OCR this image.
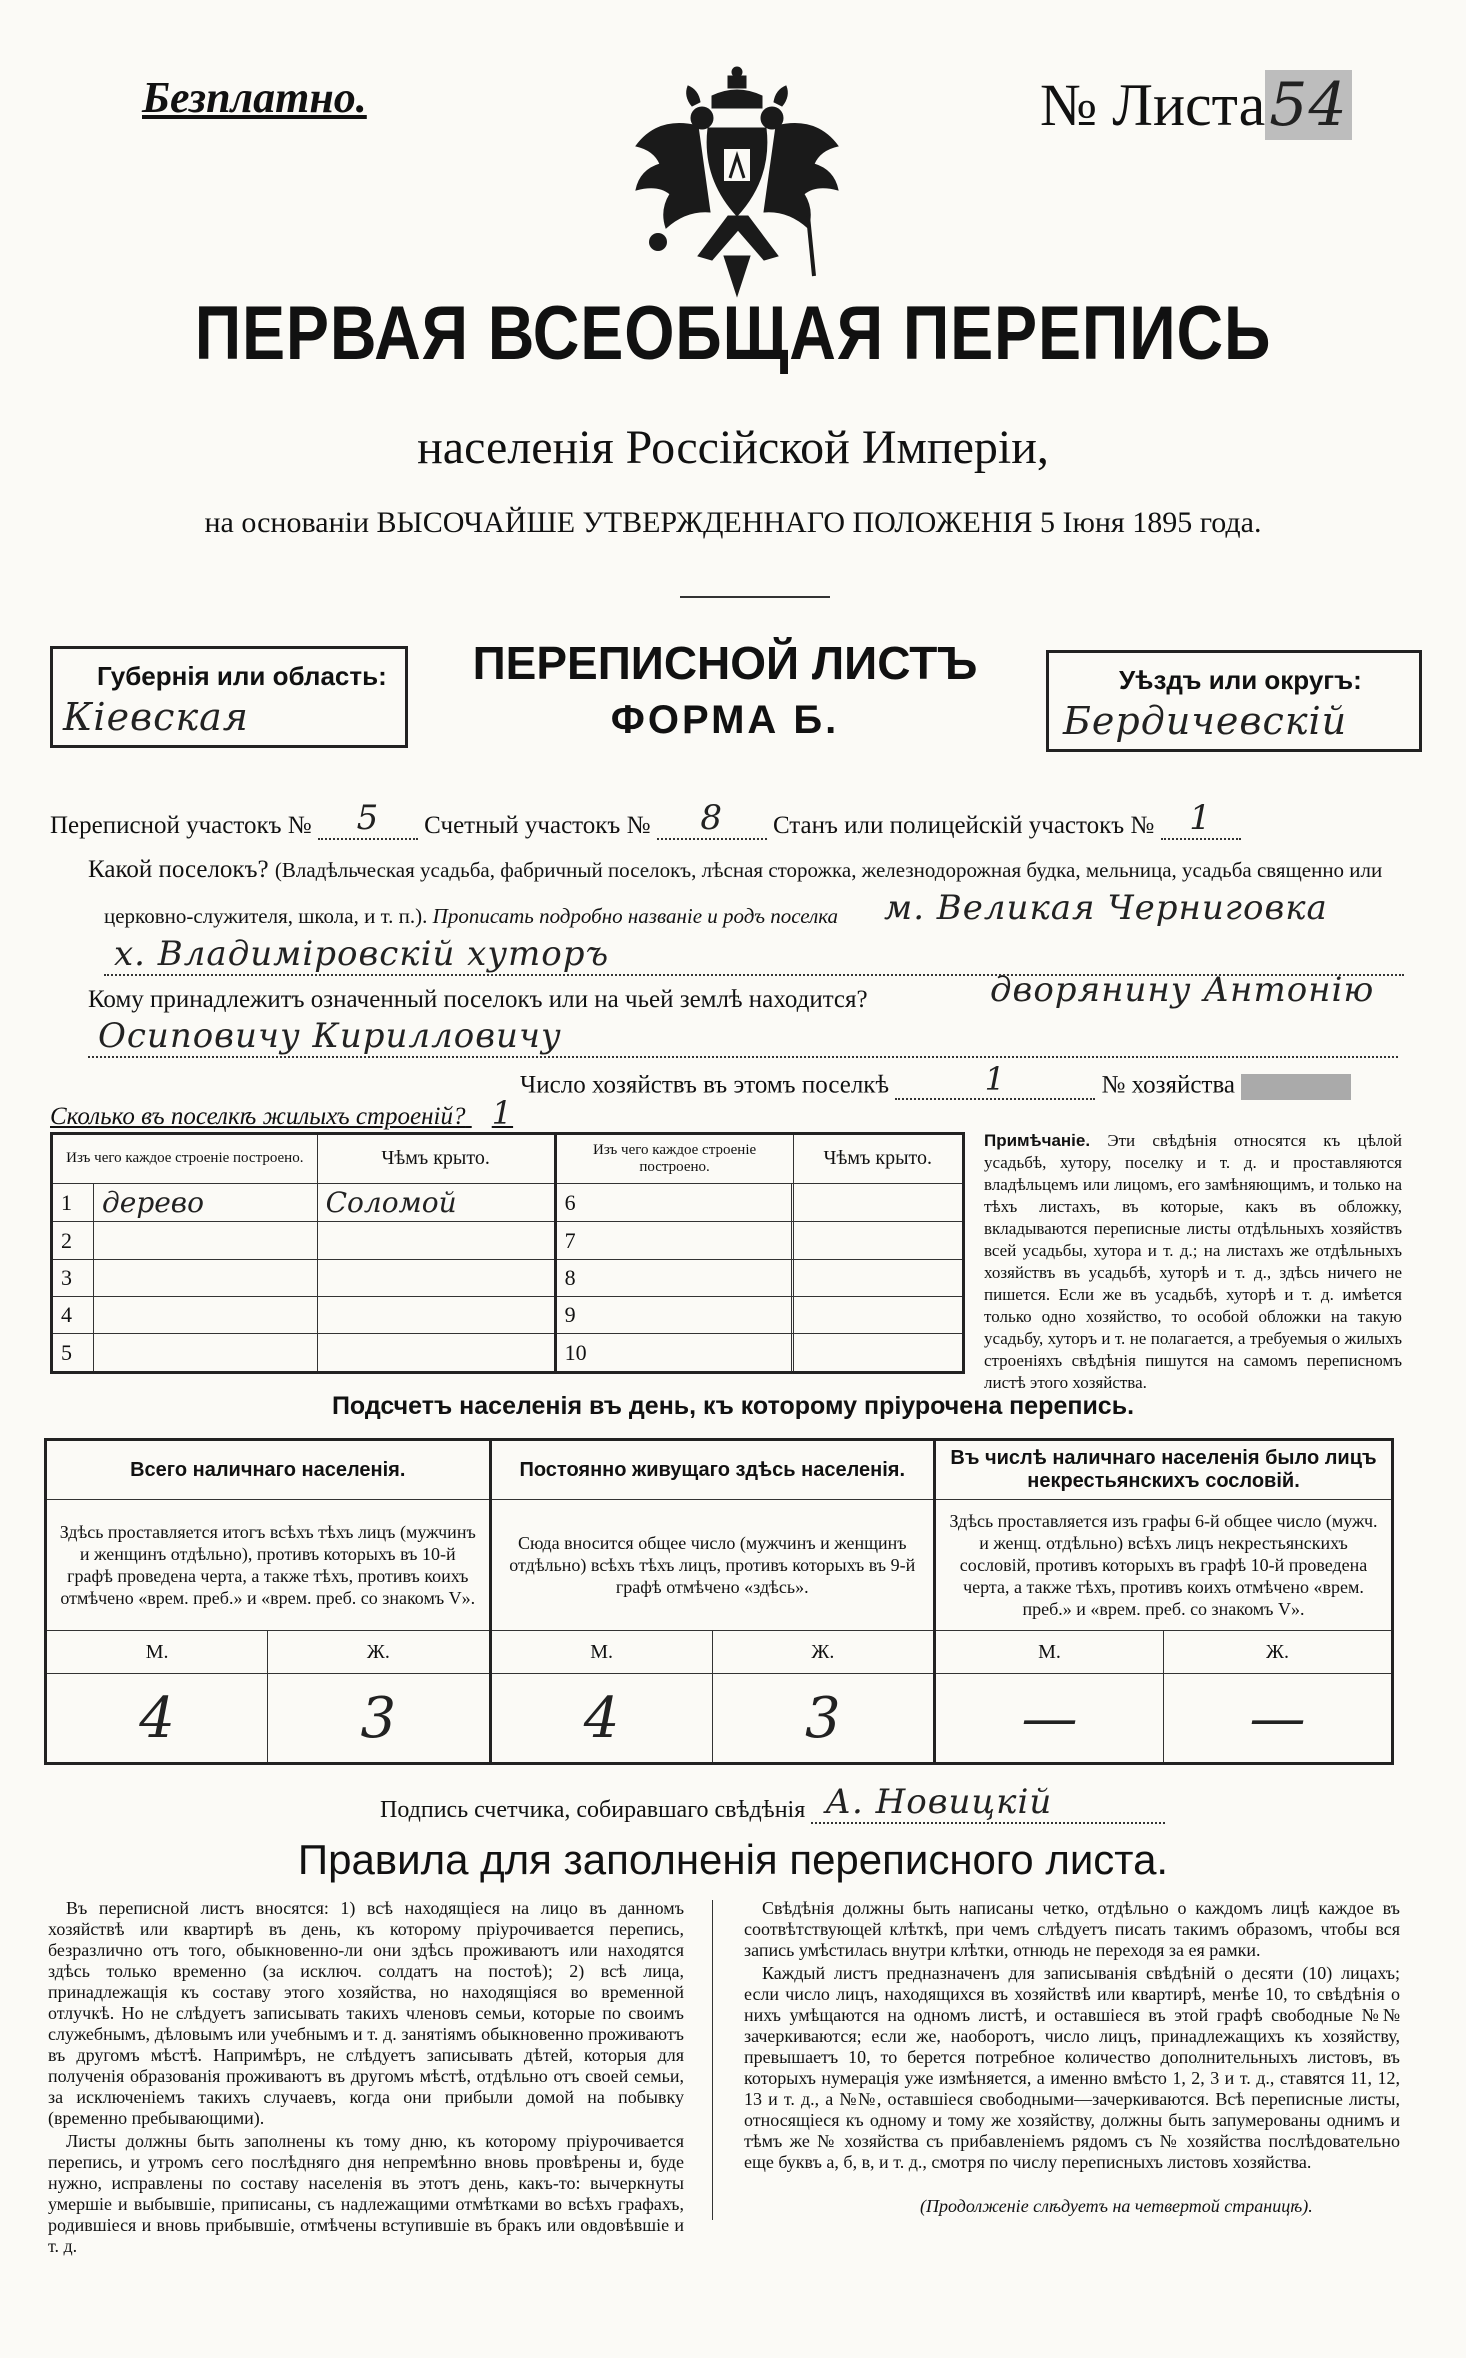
Безплатно.	№ Листа54
ПЕРВАЯ ВСЕОБЩАЯ ПЕРЕПИСЬ
населенія Россійской Имперіи,
на основаніи ВЫСОЧАЙШЕ УТВЕРЖДЕННАГО ПОЛОЖЕНІЯ 5 Іюня 1895 года.
Губернія или область:
Кіевская
ПЕРЕПИСНОЙ ЛИСТЪ
ФОРМА Б.
Уѣздъ или округъ:
Бердичевскій
Переписной участокъ № 5 Счетный участокъ № 8 Станъ или полицейскій участокъ № 1
Какой поселокъ? (Владѣльческая усадьба, фабричный поселокъ, лѣсная сторожка, железнодорожная будка, мельница, усадьба священно или
церковно-служителя, школа, и т. п.). Прописать подробно названіе и родъ поселка м. Великая Черниговка
х. Владиміровскій хуторъ
Кому принадлежитъ означенный поселокъ или на чьей землѣ находится?	дворянину Антонію
Осиповичу Кирилловичу
Число хозяйствъ въ этомъ поселкѣ	1	№ хозяйства
Сколько въ поселкѣ жилыхъ строеній? 1
Изъ чего каждое строеніе построено.		Чѣмъ крыто.	Изъ чего каждое строеніе построено.		Чѣмъ крыто.
1	дерево	Соломой	6		
2			7		
3			8		
4			9		
5			10		
Примѣчаніе. Эти свѣдѣнія относятся къ цѣлой усадьбѣ, хутору, поселку и т. д. и проставляются владѣльцемъ или лицомъ, его замѣняющимъ, и только на тѣхъ листахъ, въ которые, какъ въ обложку, вкладываются переписные листы отдѣльныхъ хозяйствъ всей усадьбы, хутора и т. д.; на листахъ же отдѣльныхъ хозяйствъ въ усадьбѣ, хуторѣ и т. д., здѣсь ничего не пишется. Если же въ усадьбѣ, хуторѣ и т. д. имѣется только одно хозяйство, то особой обложки на такую усадьбу, хуторъ и т. не полагается, а требуемыя о жилыхъ строеніяхъ свѣдѣнія пишутся на самомъ переписномъ листѣ этого хозяйства.
Подсчетъ населенія въ день, къ которому пріурочена перепись.
Всего наличнаго населенія.		Постоянно живущаго здѣсь населенія.		Въ числѣ наличнаго населенія было лицъ некрестьянскихъ сословій.	
Здѣсь проставляется итогъ всѣхъ тѣхъ лицъ (мужчинъ и женщинъ отдѣльно), противъ которыхъ въ 10-й графѣ проведена черта, а также тѣхъ, противъ коихъ отмѣчено «врем. преб.» и «врем. преб. со знакомъ V».		Сюда вносится общее число (мужчинъ и женщинъ отдѣльно) всѣхъ тѣхъ лицъ, противъ которыхъ въ 9-й графѣ отмѣчено «здѣсь».		Здѣсь проставляется изъ графы 6-й общее число (мужч. и женщ. отдѣльно) всѣхъ лицъ некрестьянскихъ сословій, противъ которыхъ въ графѣ 10-й проведена черта, а также тѣхъ, противъ коихъ отмѣчено «врем. преб.» и «врем. преб. со знакомъ V».	
М.	Ж.	М.	Ж.	М.	Ж.
4	3	4	3	—	—
Подпись счетчика, собиравшаго свѣдѣнія А. Новицкій
Правила для заполненія переписного листа.

Въ переписной листъ вносятся: 1) всѣ находящіеся на лицо въ данномъ хозяйствѣ или квартирѣ въ день, къ которому пріурочивается перепись, безразлично отъ того, обыкновенно-ли они здѣсь проживаютъ или находятся здѣсь только временно (за исключ. солдатъ на постоѣ); 2) всѣ лица, принадлежащія къ составу этого хозяйства, но находящіяся во временной отлучкѣ. Но не слѣдуетъ записывать такихъ членовъ семьи, которые по своимъ служебнымъ, дѣловымъ или учебнымъ и т. д. занятіямъ обыкновенно проживаютъ въ другомъ мѣстѣ. Напримѣръ, не слѣдуетъ записывать дѣтей, которыя для полученія образованія проживаютъ въ другомъ мѣстѣ, отдѣльно отъ своей семьи, за исключеніемъ такихъ случаевъ, когда они прибыли домой на побывку (временно пребывающими).

Листы должны быть заполнены къ тому дню, къ которому пріурочивается перепись, и утромъ сего послѣдняго дня непремѣнно вновь провѣрены и, буде нужно, исправлены по составу населенія въ этотъ день, какъ-то: вычеркнуты умершіе и выбывшіе, приписаны, съ надлежащими отмѣтками во всѣхъ графахъ, родившіеся и вновь прибывшіе, отмѣчены вступившіе въ бракъ или овдовѣвшіе и т. д.

Свѣдѣнія должны быть написаны четко, отдѣльно о каждомъ лицѣ каждое въ соотвѣтствующей клѣткѣ, при чемъ слѣдуетъ писать такимъ образомъ, чтобы вся запись умѣстилась внутри клѣтки, отнюдь не переходя за ея рамки.

Каждый листъ предназначенъ для записыванія свѣдѣній о десяти (10) лицахъ; если число лицъ, находящихся въ хозяйствѣ или квартирѣ, менѣе 10, то свѣдѣнія о нихъ умѣщаются на одномъ листѣ, и оставшіеся въ этой графѣ свободные №№ зачеркиваются; если же, наоборотъ, число лицъ, принадлежащихъ къ хозяйству, превышаетъ 10, то берется потребное количество дополнительныхъ листовъ, въ которыхъ нумерація уже измѣняется, а именно вмѣсто 1, 2, 3 и т. д., ставятся 11, 12, 13 и т. д., а №№, оставшіеся свободными—зачеркиваются. Всѣ переписные листы, относящіеся къ одному и тому же хозяйству, должны быть запумерованы однимъ и тѣмъ же № хозяйства съ прибавленіемъ рядомъ съ № хозяйства послѣдовательно еще буквъ а, б, в, и т. д., смотря по числу переписныхъ листовъ хозяйства.

(Продолженіе слѣдуетъ на четвертой страницѣ).
